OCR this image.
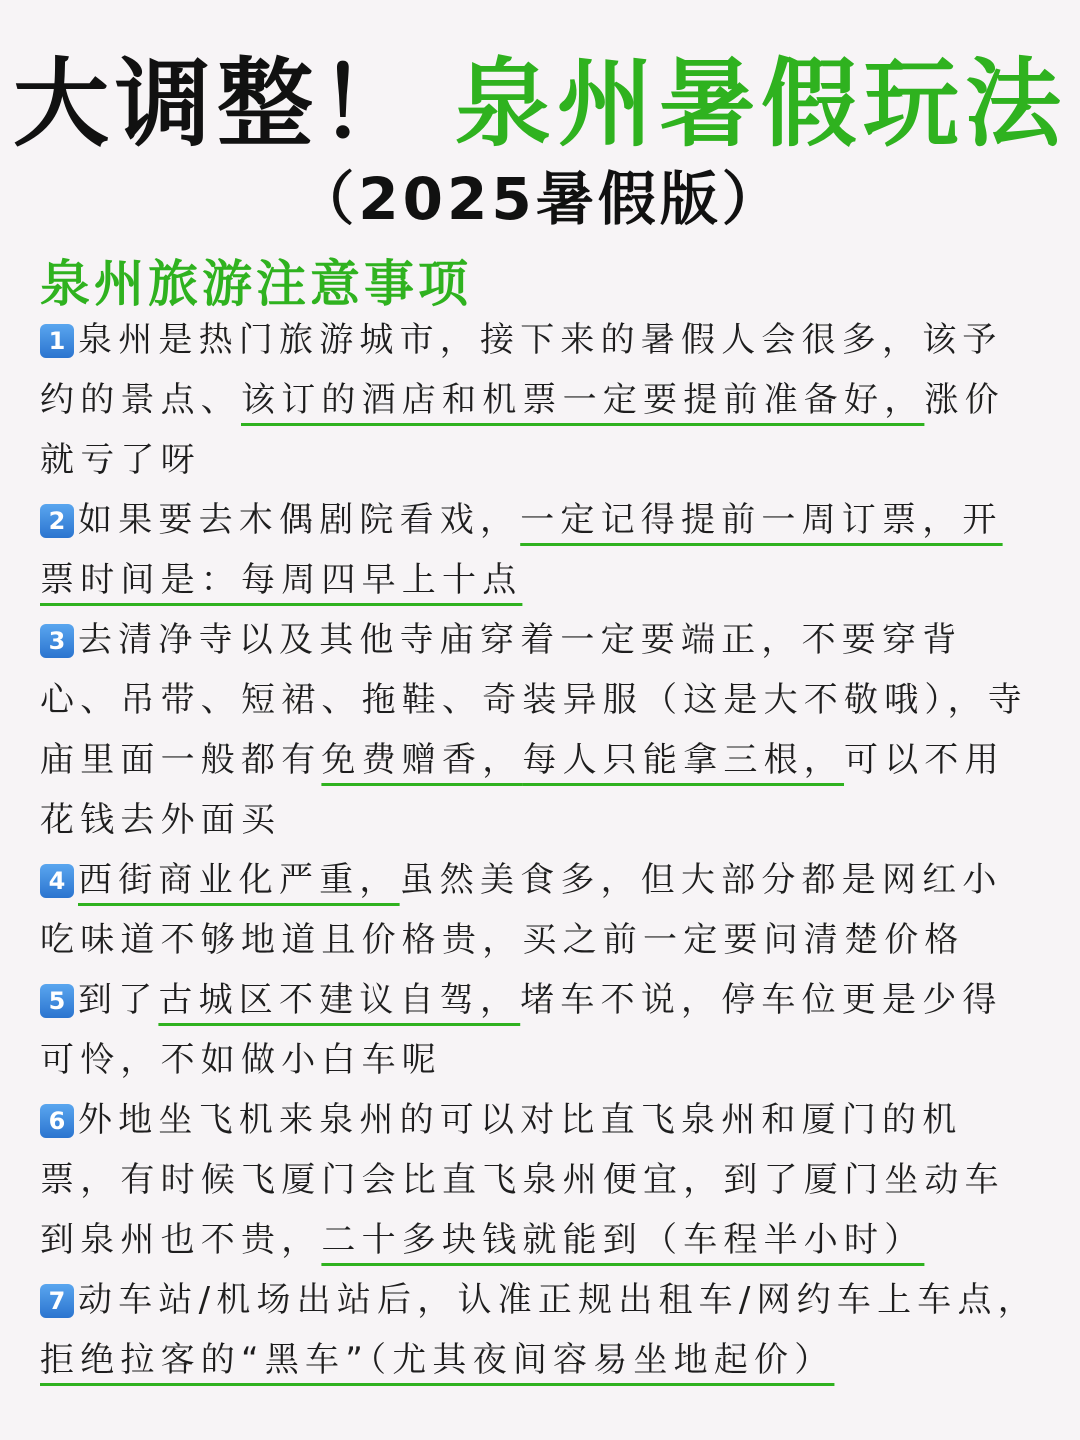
大调整！ 泉州暑假玩法
（2025暑假版）
泉州旅游注意事项

1 泉州是热门旅游城市，接下来的暑假人会很多，该予约的景点、该订的酒店和机票一定要提前准备好，涨价就亏了呀

2 如果要去木偶剧院看戏，一定记得提前一周订票，开票时间是：每周四早上十点

3 去清净寺以及其他寺庙穿着一定要端正，不要穿背心、吊带、短裙、拖鞋、奇装异服（这是大不敬哦），寺庙里面一般都有免费赠香，每人只能拿三根，可以不用花钱去外面买

4 西街商业化严重，虽然美食多，但大部分都是网红小吃味道不够地道且价格贵，买之前一定要问清楚价格

5 到了古城区不建议自驾，堵车不说，停车位更是少得可怜，不如做小白车呢

6 外地坐飞机来泉州的可以对比直飞泉州和厦门的机票，有时候飞厦门会比直飞泉州便宜，到了厦门坐动车到泉州也不贵，二十多块钱就能到（车程半小时）

7 动车站/机场出站后，认准正规出租车/网约车上车点，拒绝拉客的“黑车”（尤其夜间容易坐地起价）
